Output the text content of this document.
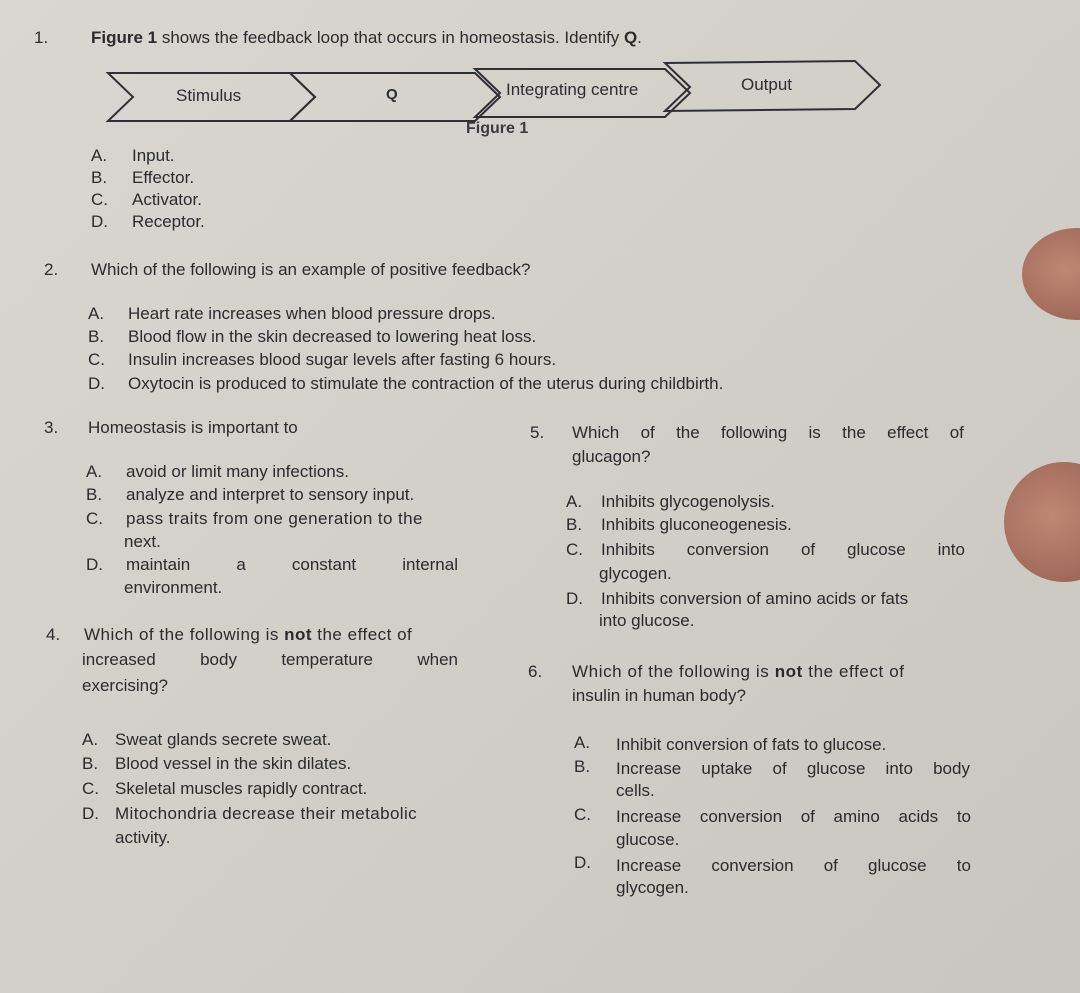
1.	Figure 1 shows the feedback loop that occurs in homeostasis. Identify Q.
Stimulus	Q	Integrating centre	Output
Figure 1
A. Input.
B. Effector.
C. Activator.
D. Receptor.
2. Which of the following is an example of positive feedback?
A. Heart rate increases when blood pressure drops.
B. Blood flow in the skin decreased to lowering heat loss.
C. Insulin increases blood sugar levels after fasting 6 hours.
D. Oxytocin is produced to stimulate the contraction of the uterus during childbirth.
3. Homeostasis is important to
A. avoid or limit many infections.
B. analyze and interpret to sensory input.
C. pass traits from one generation to the
next.
D. maintain	a	constant	internal
environment.
4. Which of the following is not the effect of
increased	body	temperature	when
exercising?
A. Sweat glands secrete sweat.
B. Blood vessel in the skin dilates.
C. Skeletal muscles rapidly contract.
D. Mitochondria decrease their metabolic
activity.
5. Which of the following is the effect of
glucagon?
A. Inhibits glycogenolysis.
B. Inhibits gluconeogenesis.
C. Inhibits conversion of glucose into
glycogen.
D. Inhibits conversion of amino acids or fats
into glucose.
6. Which of the following is not the effect of
insulin in human body?
A. Inhibit conversion of fats to glucose.
B. Increase uptake of glucose into body
cells.
C. Increase conversion of amino acids to
glucose.
D. Increase conversion of glucose to
glycogen.
